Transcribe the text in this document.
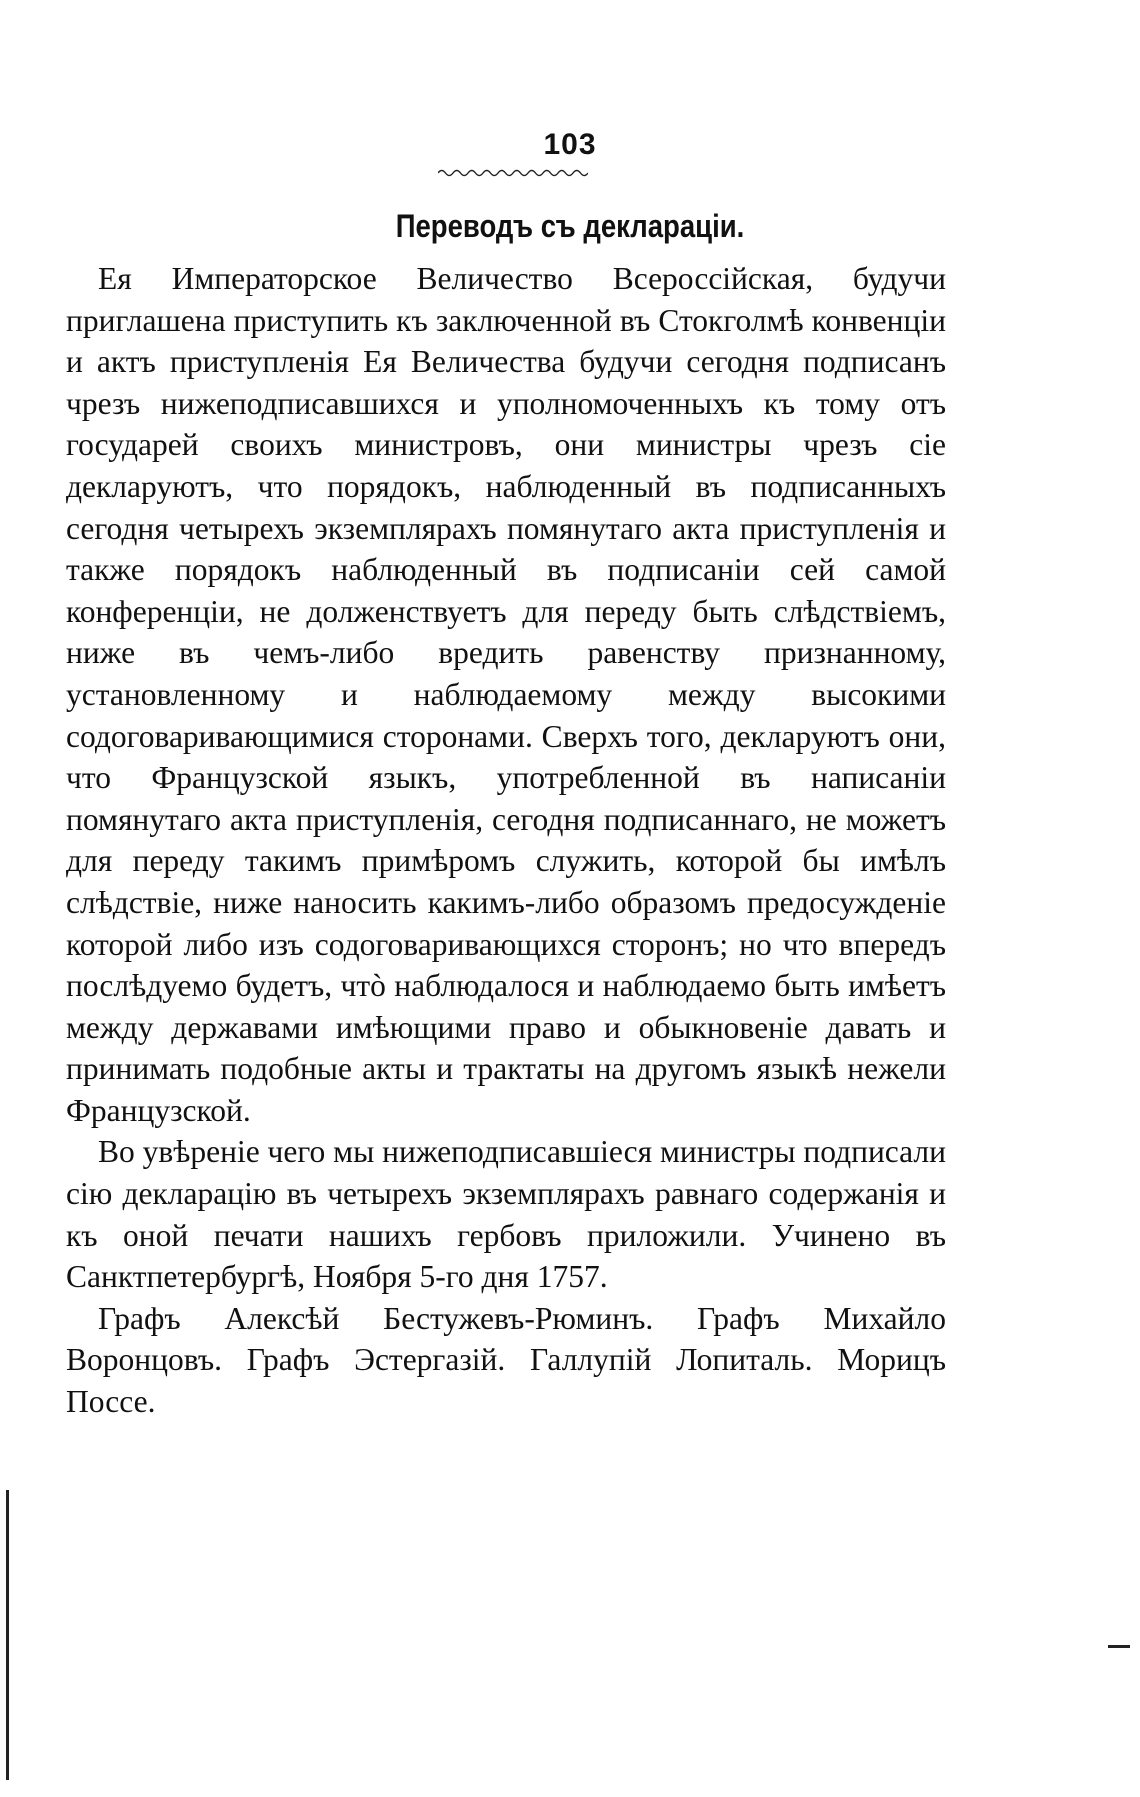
103
Переводъ съ декларацiи.

Ея Императорское Величество Всероссiйская, будучи приглашена приступить къ заключенной въ Стокголмѣ конвенцiи и актъ приступленiя Ея Величества будучи сегодня подписанъ чрезъ нижеподписавшихся и уполномоченныхъ къ тому отъ государей своихъ министровъ, они министры чрезъ сiе декларуютъ, что порядокъ, наблюденный въ подписанныхъ сегодня четырехъ экземплярахъ помянутаго акта приступленiя и также порядокъ наблюденный въ подписанiи сей самой конференцiи, не долженствуетъ для переду быть слѣдствiемъ, ниже въ чемъ-либо вредить равенству признанному, установленному и наблюдаемому между высокими содоговаривающимися сторонами. Сверхъ того, декларуютъ они, что Французской языкъ, употребленной въ написанiи помянутаго акта приступленiя, сегодня подписаннаго, не можетъ для переду такимъ примѣромъ служить, которой бы имѣлъ слѣдствiе, ниже наносить какимъ-либо образомъ предосужденiе которой либо изъ содоговаривающихся сторонъ; но что впередъ послѣдуемо будетъ, чтò наблюдалося и наблюдаемо быть имѣетъ между державами имѣющими право и обыкновенiе давать и принимать подобные акты и трактаты на другомъ языкѣ нежели Французской.

Во увѣренiе чего мы нижеподписавшiеся министры подписали сiю декларацiю въ четырехъ экземплярахъ равнаго содержанiя и къ оной печати нашихъ гербовъ приложили. Учинено въ Санктпетербургѣ, Ноября 5-го дня 1757.

Графъ Алексѣй Бестужевъ-Рюминъ. Графъ Михайло Воронцовъ. Графъ Эстергазiй. Галлупiй Лопиталь. Морицъ Поссе.
